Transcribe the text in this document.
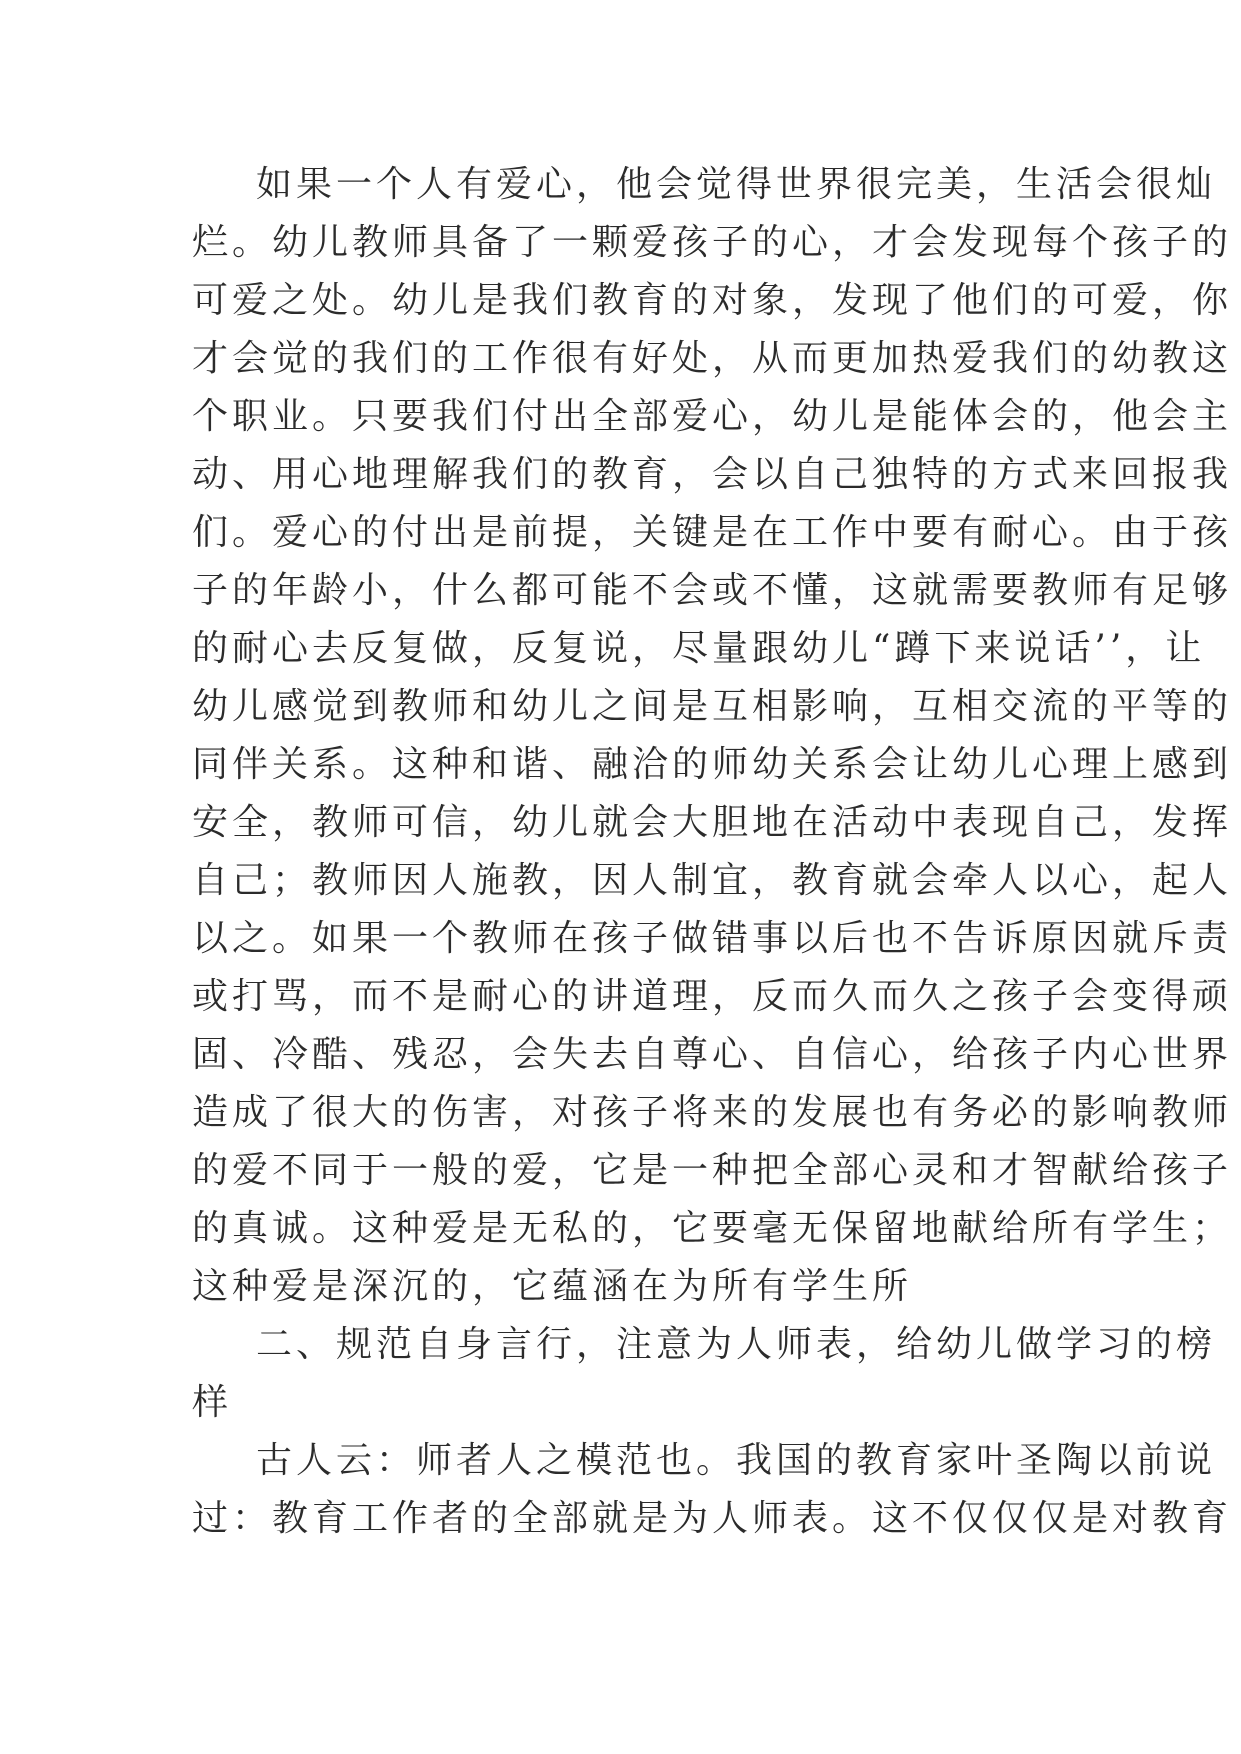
如果一个人有爱心，他会觉得世界很完美，生活会很灿
烂。幼儿教师具备了一颗爱孩子的心，才会发现每个孩子的
可爱之处。幼儿是我们教育的对象，发现了他们的可爱，你
才会觉的我们的工作很有好处，从而更加热爱我们的幼教这
个职业。只要我们付出全部爱心，幼儿是能体会的，他会主
动、用心地理解我们的教育，会以自己独特的方式来回报我
们。爱心的付出是前提，关键是在工作中要有耐心。由于孩
子的年龄小，什么都可能不会或不懂，这就需要教师有足够
的耐心去反复做，反复说，尽量跟幼儿“蹲下来说话’’，让
幼儿感觉到教师和幼儿之间是互相影响，互相交流的平等的
同伴关系。这种和谐、融洽的师幼关系会让幼儿心理上感到
安全，教师可信，幼儿就会大胆地在活动中表现自己，发挥
自己；教师因人施教，因人制宜，教育就会牵人以心，起人
以之。如果一个教师在孩子做错事以后也不告诉原因就斥责
或打骂，而不是耐心的讲道理，反而久而久之孩子会变得顽
固、冷酷、残忍，会失去自尊心、自信心，给孩子内心世界
造成了很大的伤害，对孩子将来的发展也有务必的影响教师
的爱不同于一般的爱，它是一种把全部心灵和才智献给孩子
的真诚。这种爱是无私的，它要毫无保留地献给所有学生；
这种爱是深沉的，它蕴涵在为所有学生所
二、规范自身言行，注意为人师表，给幼儿做学习的榜
样
古人云：师者人之模范也。我国的教育家叶圣陶以前说
过：教育工作者的全部就是为人师表。这不仅仅仅是对教育
